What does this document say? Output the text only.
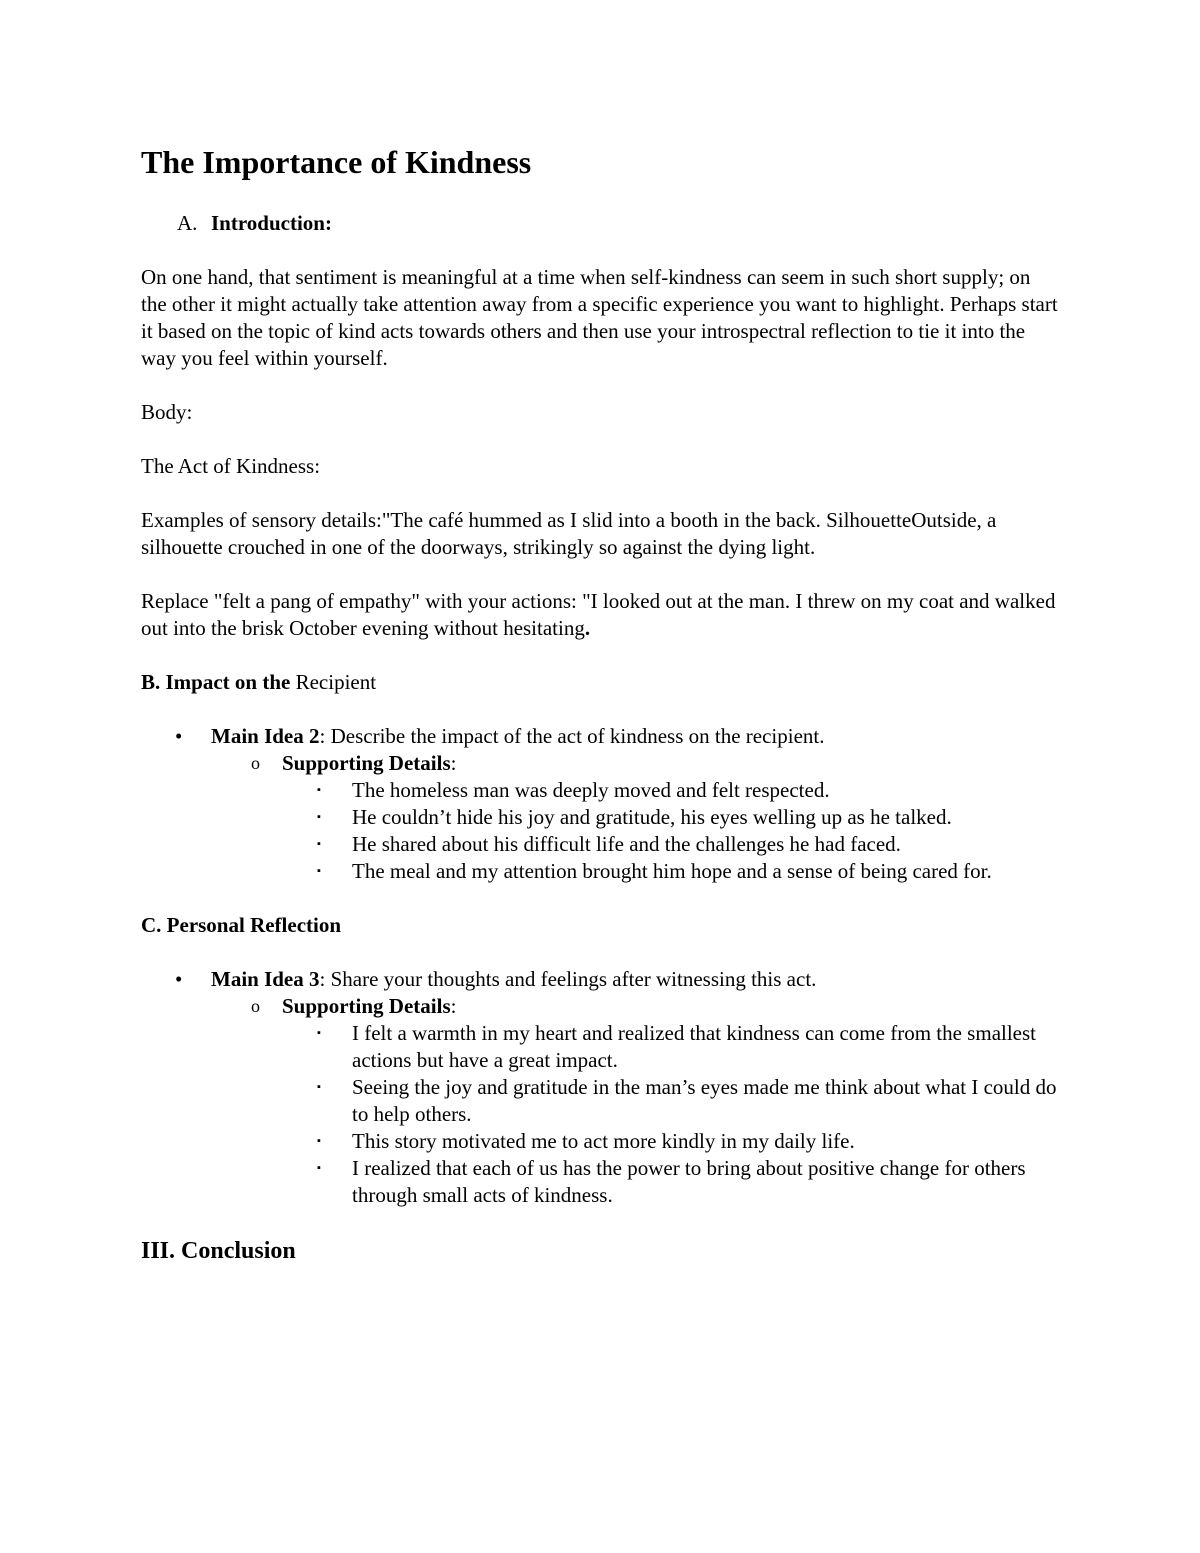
The Importance of Kindness
A. Introduction:
On one hand, that sentiment is meaningful at a time when self-kindness can seem in such short supply; on the other it might actually take attention away from a specific experience you want to highlight. Perhaps start it based on the topic of kind acts towards others and then use your introspectral reflection to tie it into the way you feel within yourself.
Body:
The Act of Kindness:
Examples of sensory details:"The café hummed as I slid into a booth in the back. SilhouetteOutside, a silhouette crouched in one of the doorways, strikingly so against the dying light.
Replace "felt a pang of empathy" with your actions: "I looked out at the man. I threw on my coat and walked out into the brisk October evening without hesitating.
B. Impact on the Recipient
• Main Idea 2: Describe the impact of the act of kindness on the recipient.
o Supporting Details:
▪ The homeless man was deeply moved and felt respected.
▪ He couldn’t hide his joy and gratitude, his eyes welling up as he talked.
▪ He shared about his difficult life and the challenges he had faced.
▪ The meal and my attention brought him hope and a sense of being cared for.
C. Personal Reflection
• Main Idea 3: Share your thoughts and feelings after witnessing this act.
o Supporting Details:
▪ I felt a warmth in my heart and realized that kindness can come from the smallest actions but have a great impact.
▪ Seeing the joy and gratitude in the man’s eyes made me think about what I could do to help others.
▪ This story motivated me to act more kindly in my daily life.
▪ I realized that each of us has the power to bring about positive change for others through small acts of kindness.
III. Conclusion
